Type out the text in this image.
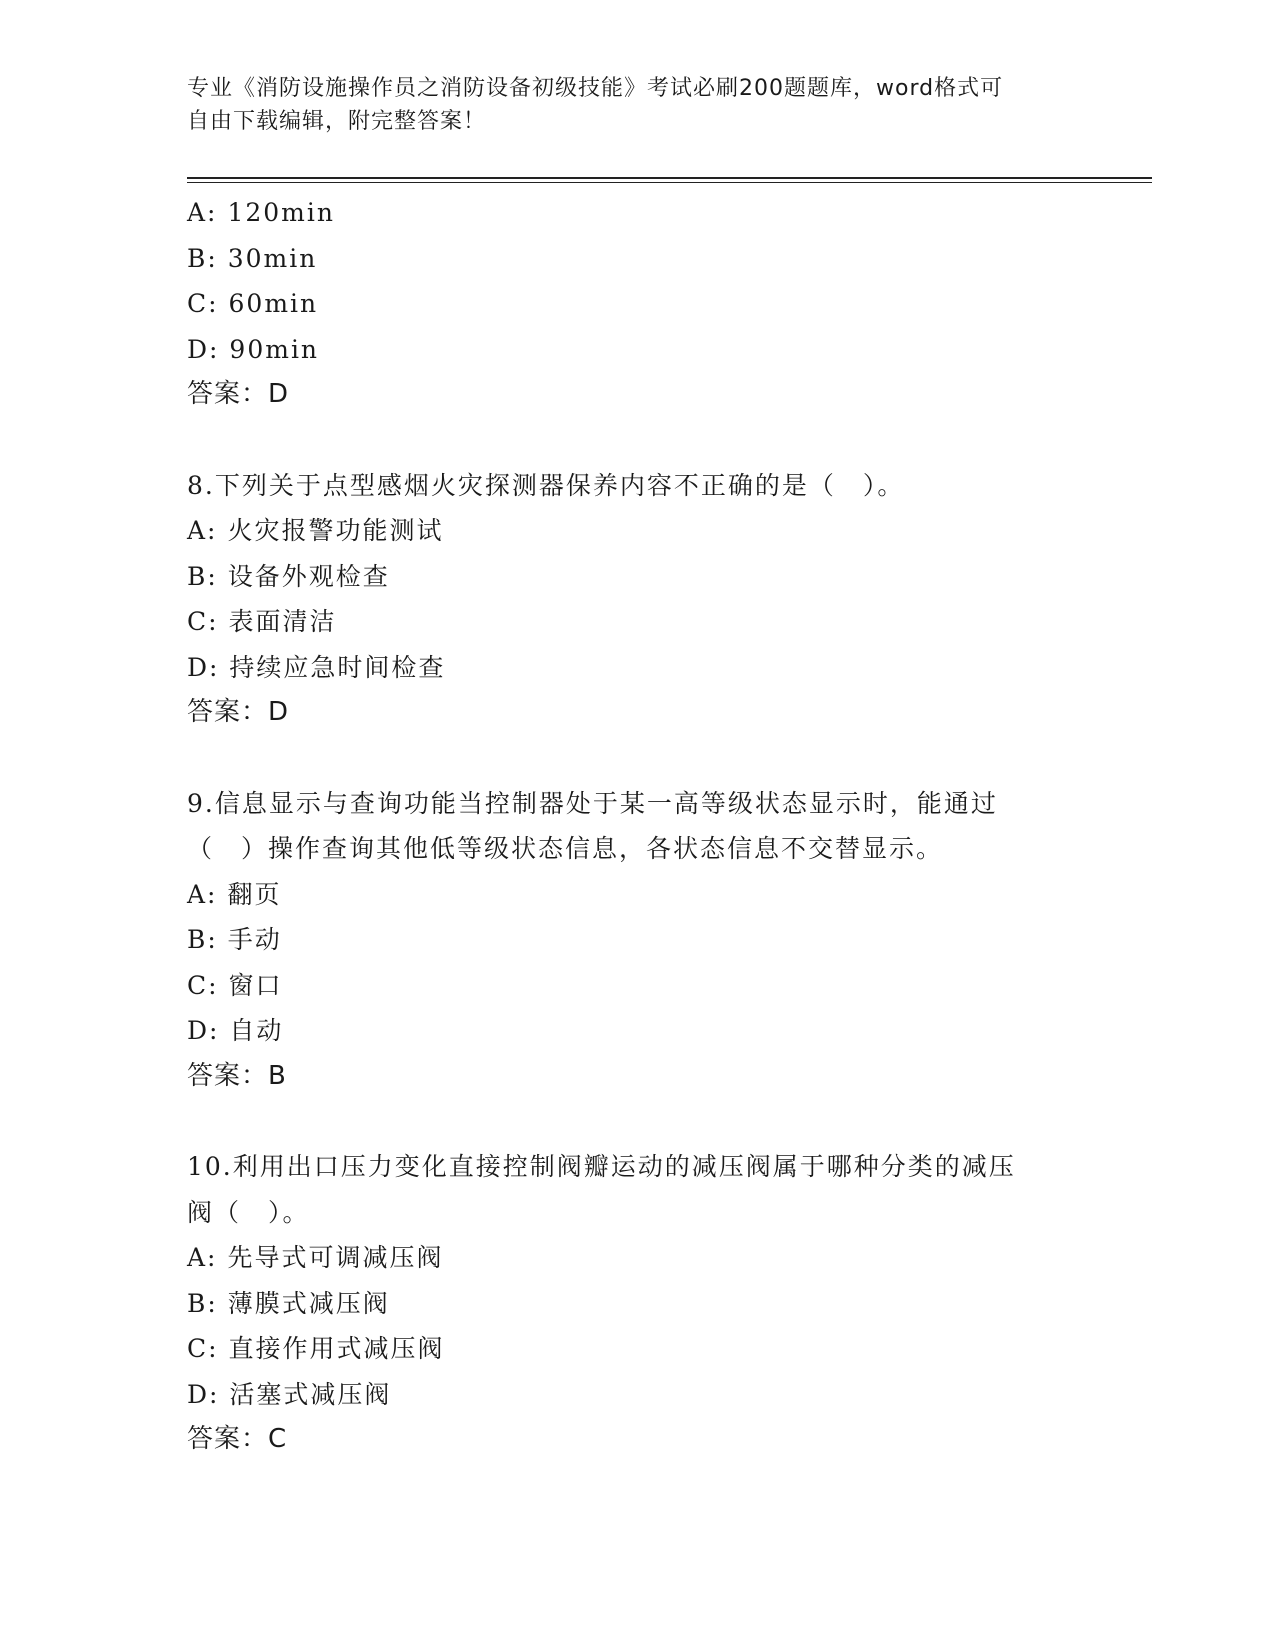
专业《消防设施操作员之消防设备初级技能》考试必刷200题题库，word格式可
自由下载编辑，附完整答案！
A: 120min
B: 30min
C: 60min
D: 90min
答案：D
8.下列关于点型感烟火灾探测器保养内容不正确的是（　）。
A: 火灾报警功能测试
B: 设备外观检查
C: 表面清洁
D: 持续应急时间检查
答案：D
9.信息显示与查询功能当控制器处于某一高等级状态显示时，能通过
（　）操作查询其他低等级状态信息，各状态信息不交替显示。
A: 翻页
B: 手动
C: 窗口
D: 自动
答案：B
10.利用出口压力变化直接控制阀瓣运动的减压阀属于哪种分类的减压
阀（　）。
A: 先导式可调减压阀
B: 薄膜式减压阀
C: 直接作用式减压阀
D: 活塞式减压阀
答案：C
